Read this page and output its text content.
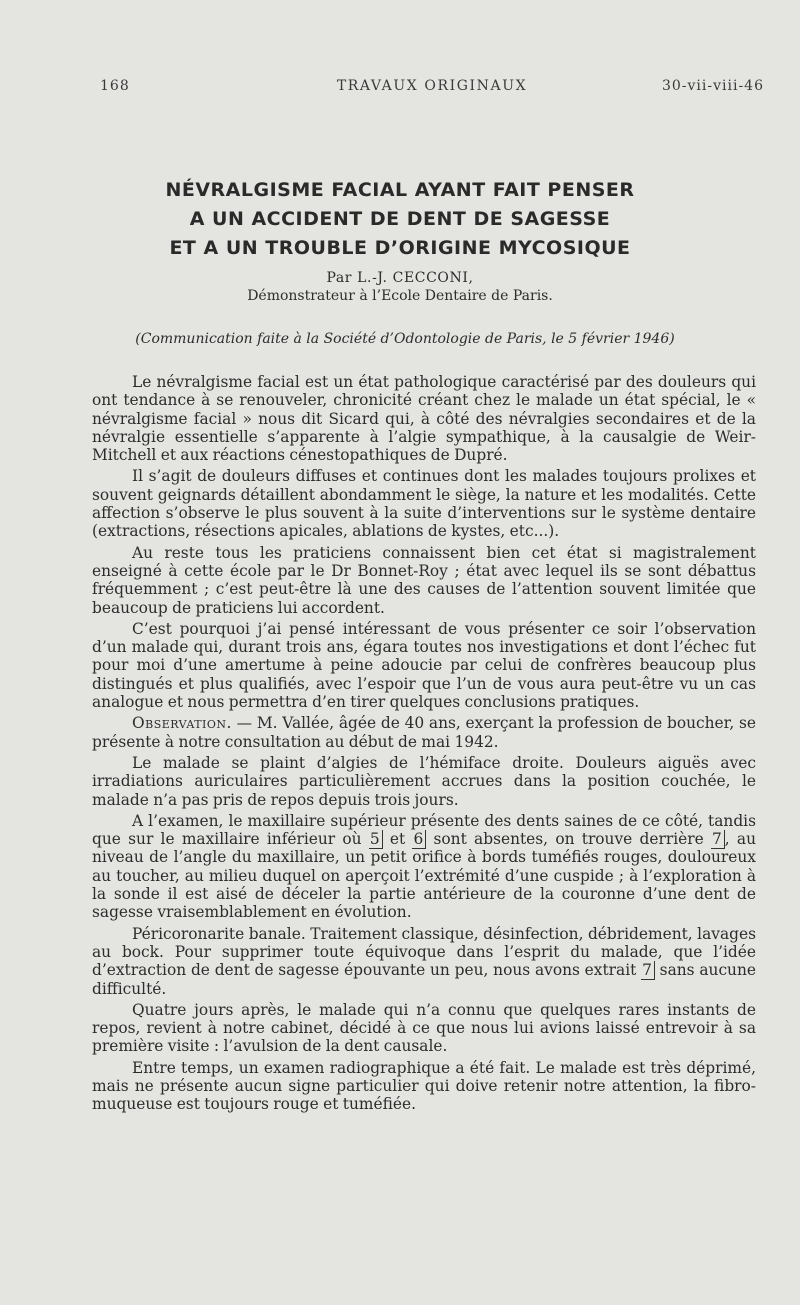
168	TRAVAUX ORIGINAUX	30-vii-viii-46
NÉVRALGISME FACIAL AYANT FAIT PENSER
A UN ACCIDENT DE DENT DE SAGESSE
ET A UN TROUBLE D’ORIGINE MYCOSIQUE
Par L.-J. CECCONI,
Démonstrateur à l’Ecole Dentaire de Paris.
(Communication faite à la Société d’Odontologie de Paris, le 5 février 1946)

Le névralgisme facial est un état pathologique caractérisé par des douleurs qui ont tendance à se renouveler, chronicité créant chez le malade un état spécial, le « névralgisme facial » nous dit Sicard qui, à côté des névralgies secondaires et de la névralgie essentielle s’apparente à l’algie sympathique, à la causalgie de Weir-Mitchell et aux réactions cénestopathiques de Dupré.

Il s’agit de douleurs diffuses et continues dont les malades toujours prolixes et souvent geignards détaillent abondamment le siège, la nature et les modalités. Cette affection s’observe le plus souvent à la suite d’interventions sur le système dentaire (extractions, résections apicales, ablations de kystes, etc...).

Au reste tous les praticiens connaissent bien cet état si magistralement enseigné à cette école par le Dr Bonnet-Roy ; état avec lequel ils se sont débattus fréquemment ; c’est peut-être là une des causes de l’attention souvent limitée que beaucoup de praticiens lui accordent.

C’est pourquoi j’ai pensé intéressant de vous présenter ce soir l’observation d’un malade qui, durant trois ans, égara toutes nos investigations et dont l’échec fut pour moi d’une amertume à peine adoucie par celui de confrères beaucoup plus distingués et plus qualifiés, avec l’espoir que l’un de vous aura peut-être vu un cas analogue et nous permettra d’en tirer quelques conclusions pratiques.

Observation. — M. Vallée, âgée de 40 ans, exerçant la profession de boucher, se présente à notre consultation au début de mai 1942.

Le malade se plaint d’algies de l’hémiface droite. Douleurs aiguës avec irradiations auriculaires particulièrement accrues dans la position couchée, le malade n’a pas pris de repos depuis trois jours.

A l’examen, le maxillaire supérieur présente des dents saines de ce côté, tandis que sur le maxillaire inférieur où 5 et 6 sont absentes, on trouve derrière 7 , au niveau de l’angle du maxillaire, un petit orifice à bords tuméfiés rouges, douloureux au toucher, au milieu duquel on aperçoit l’extrémité d’une cuspide ; à l’exploration à la sonde il est aisé de déceler la partie antérieure de la couronne d’une dent de sagesse vraisemblablement en évolution.

Péricoronarite banale. Traitement classique, désinfection, débridement, lavages au bock. Pour supprimer toute équivoque dans l’esprit du malade, que l’idée d’extraction de dent de sagesse épouvante un peu, nous avons extrait 7 sans aucune difficulté.

Quatre jours après, le malade qui n’a connu que quelques rares instants de repos, revient à notre cabinet, décidé à ce que nous lui avions laissé entrevoir à sa première visite : l’avulsion de la dent causale.

Entre temps, un examen radiographique a été fait. Le malade est très déprimé, mais ne présente aucun signe particulier qui doive retenir notre attention, la fibro-muqueuse est toujours rouge et tuméfiée.
